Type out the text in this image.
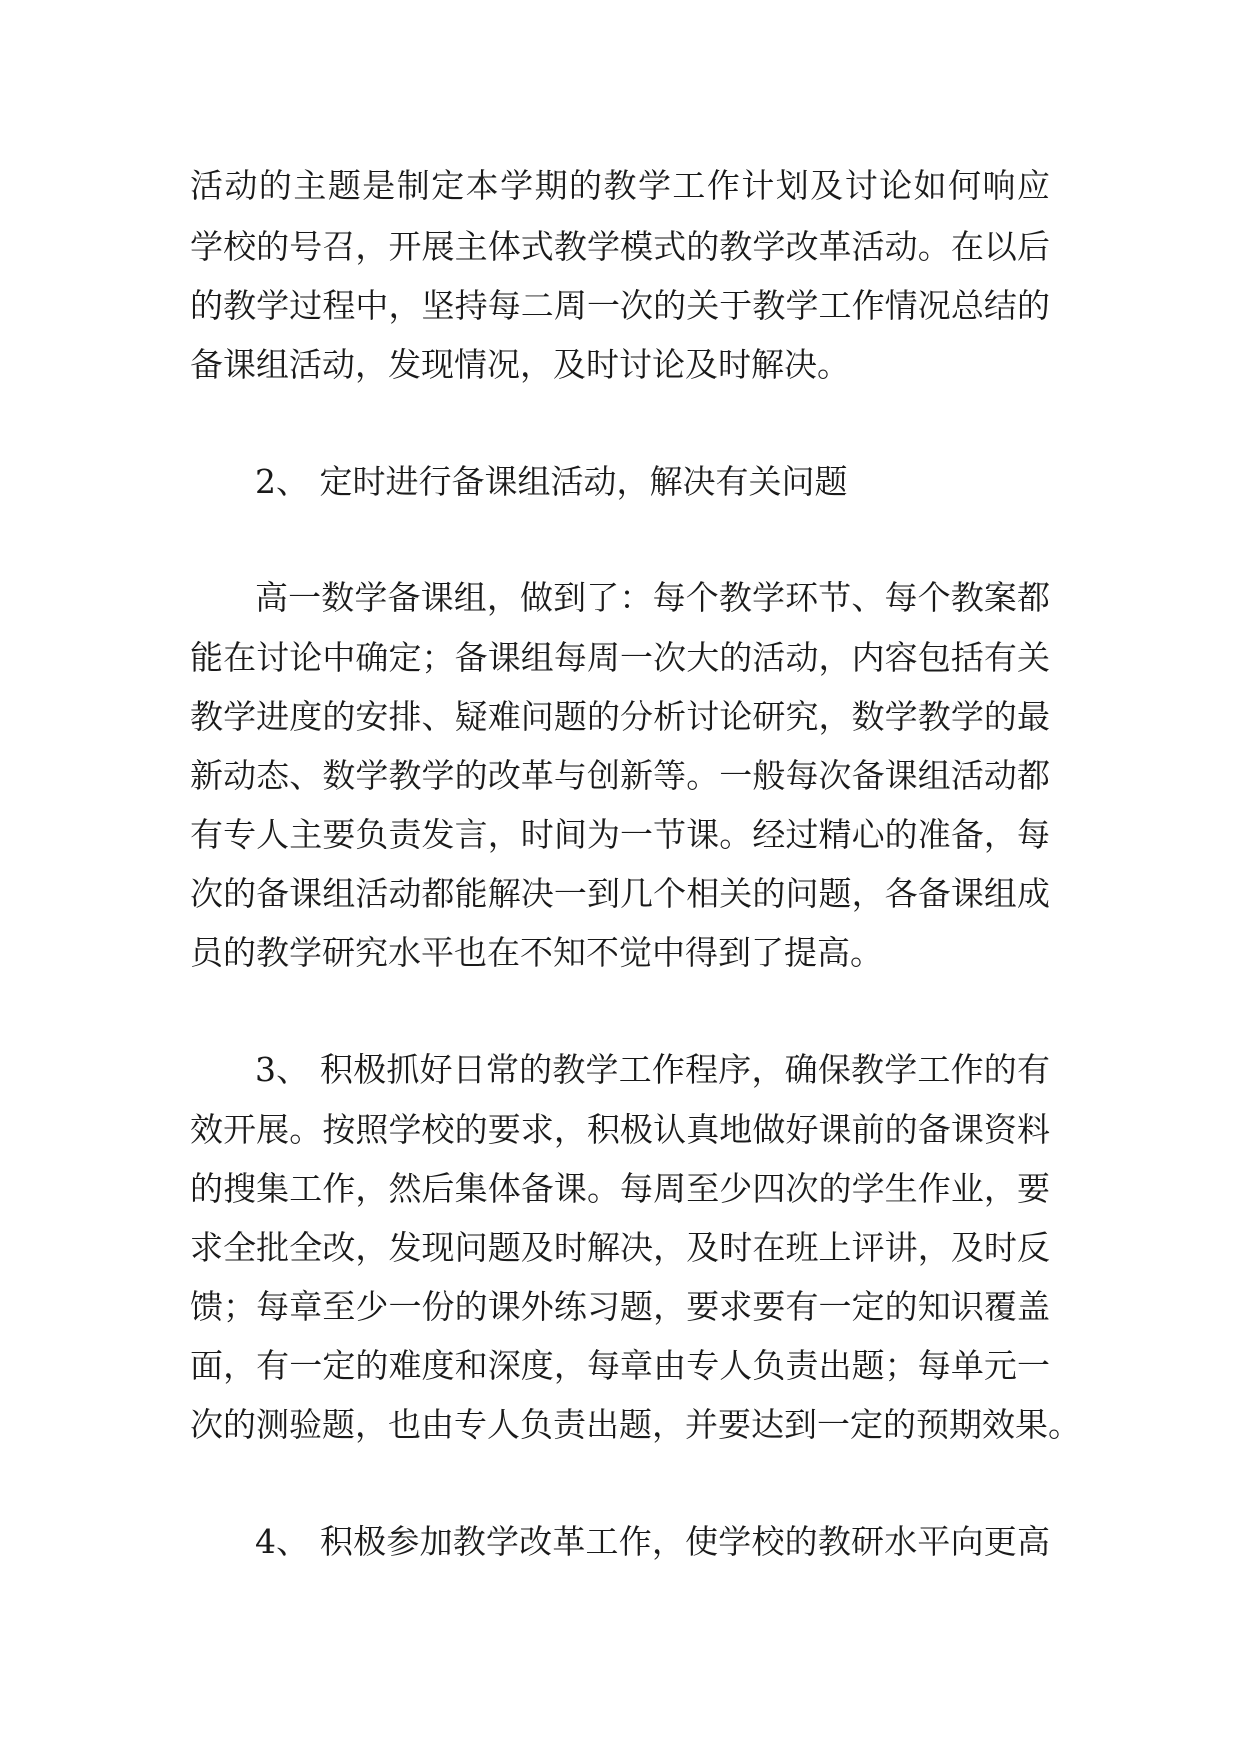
活动的主题是制定本学期的教学工作计划及讨论如何响应
学校的号召，开展主体式教学模式的教学改革活动。在以后
的教学过程中，坚持每二周一次的关于教学工作情况总结的
备课组活动，发现情况，及时讨论及时解决。
2、 定时进行备课组活动，解决有关问题
高一数学备课组，做到了：每个教学环节、每个教案都
能在讨论中确定；备课组每周一次大的活动，内容包括有关
教学进度的安排、疑难问题的分析讨论研究，数学教学的最
新动态、数学教学的改革与创新等。一般每次备课组活动都
有专人主要负责发言，时间为一节课。经过精心的准备，每
次的备课组活动都能解决一到几个相关的问题，各备课组成
员的教学研究水平也在不知不觉中得到了提高。
3、 积极抓好日常的教学工作程序，确保教学工作的有
效开展。按照学校的要求，积极认真地做好课前的备课资料
的搜集工作，然后集体备课。每周至少四次的学生作业，要
求全批全改，发现问题及时解决，及时在班上评讲，及时反
馈；每章至少一份的课外练习题，要求要有一定的知识覆盖
面，有一定的难度和深度，每章由专人负责出题；每单元一
次的测验题，也由专人负责出题，并要达到一定的预期效果。
4、 积极参加教学改革工作，使学校的教研水平向更高
